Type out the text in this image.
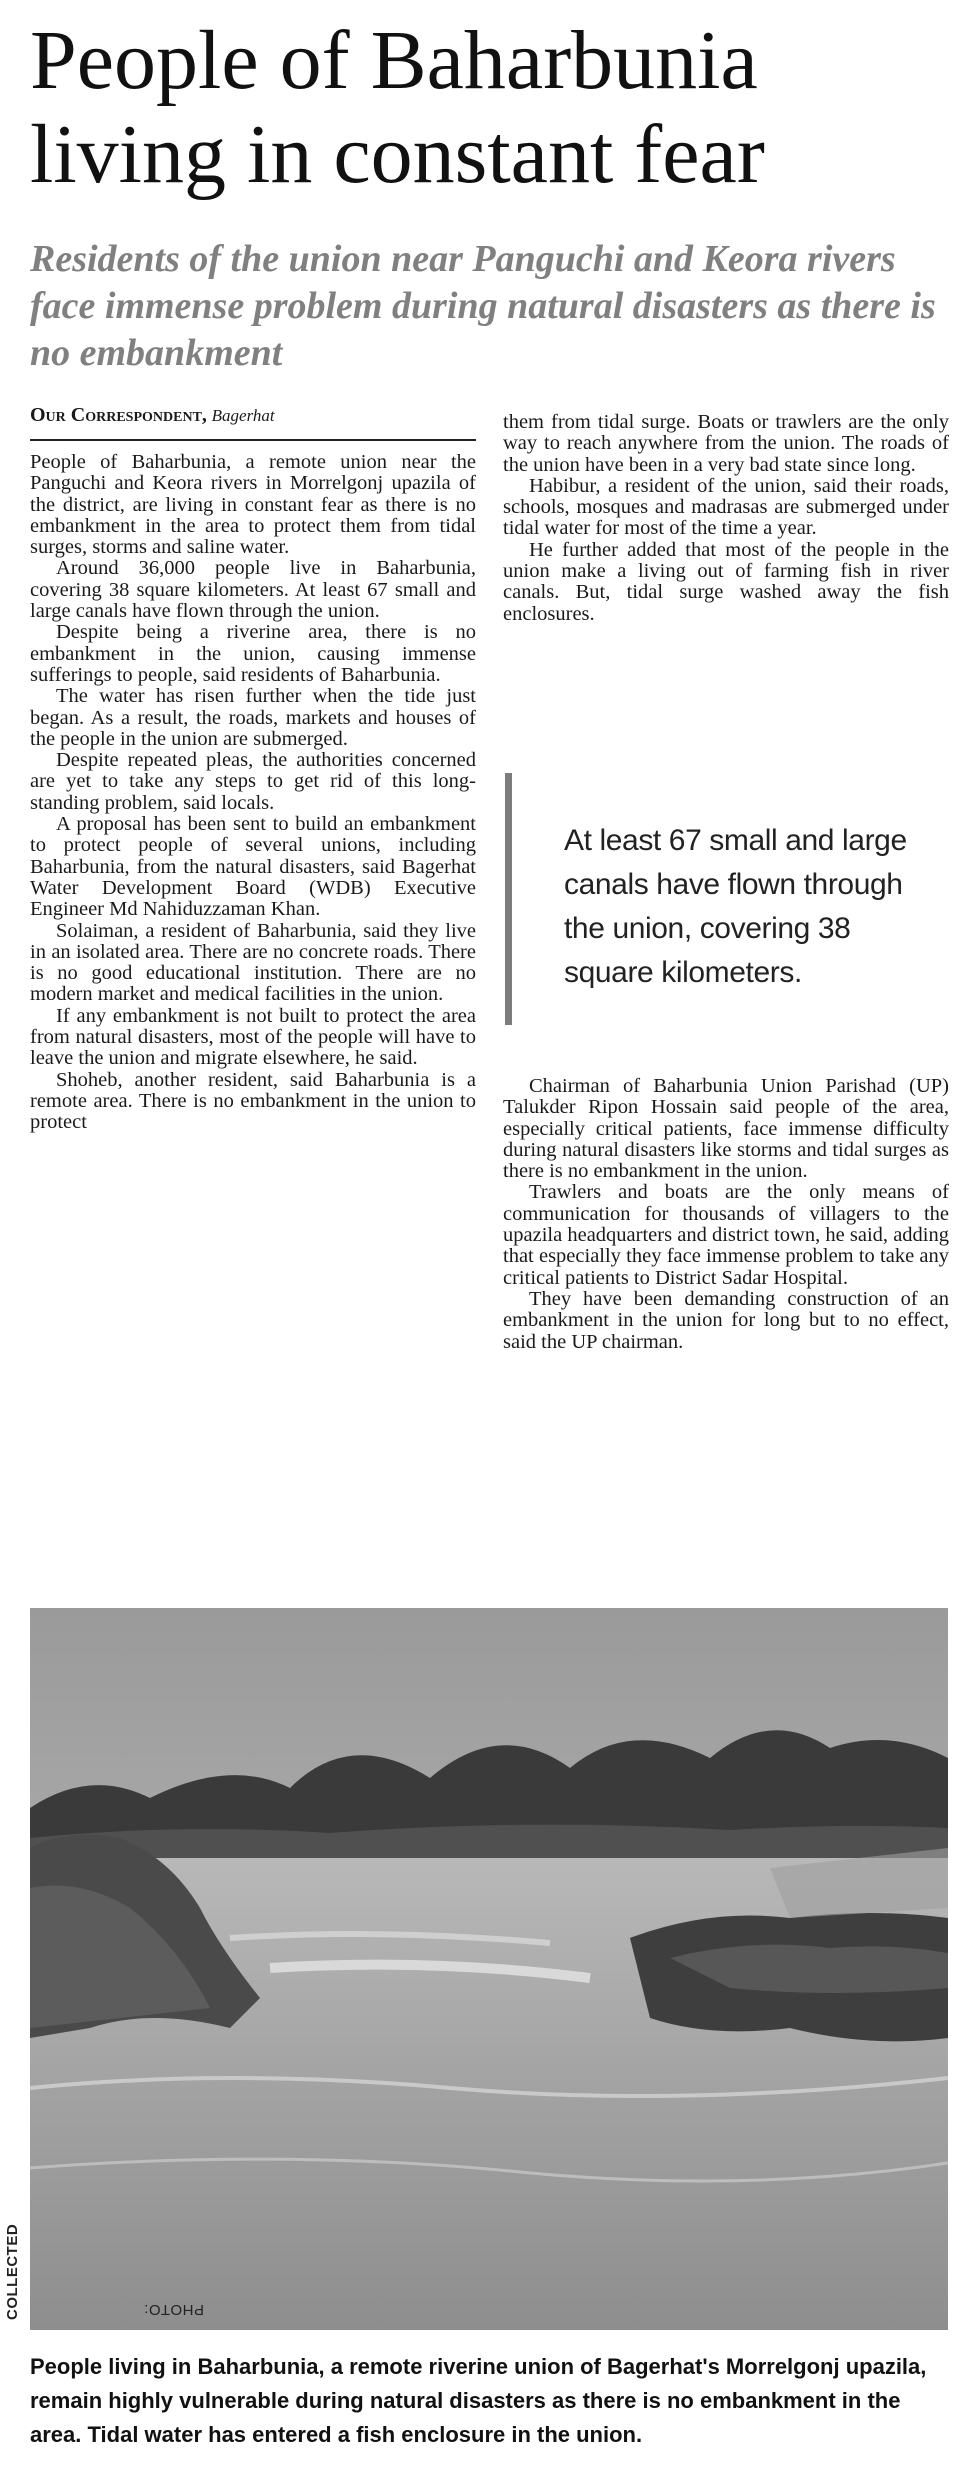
People of Baharbunia living in constant fear
Residents of the union near Panguchi and Keora rivers face immense problem during natural disasters as there is no embankment
Our Correspondent, Bagerhat

People of Baharbunia, a remote union near the Panguchi and Keora rivers in Morrelgonj upazila of the district, are living in constant fear as there is no embankment in the area to protect them from tidal surges, storms and saline water.

Around 36,000 people live in Baharbunia, covering 38 square kilometers. At least 67 small and large canals have flown through the union.

Despite being a riverine area, there is no embankment in the union, causing immense sufferings to people, said residents of Baharbunia.

The water has risen further when the tide just began. As a result, the roads, markets and houses of the people in the union are submerged.

Despite repeated pleas, the authorities concerned are yet to take any steps to get rid of this long-standing problem, said locals.

A proposal has been sent to build an embankment to protect people of several unions, including Baharbunia, from the natural disasters, said Bagerhat Water Development Board (WDB) Executive Engineer Md Nahiduzzaman Khan.

Solaiman, a resident of Baharbunia, said they live in an isolated area. There are no concrete roads. There is no good educational institution. There are no modern market and medical facilities in the union.

If any embankment is not built to protect the area from natural disasters, most of the people will have to leave the union and migrate elsewhere, he said.

Shoheb, another resident, said Baharbunia is a remote area. There is no embankment in the union to protect

them from tidal surge. Boats or trawlers are the only way to reach anywhere from the union. The roads of the union have been in a very bad state since long.

Habibur, a resident of the union, said their roads, schools, mosques and madrasas are submerged under tidal water for most of the time a year.

He further added that most of the people in the union make a living out of farming fish in river canals. But, tidal surge washed away the fish enclosures.

At least 67 small and large canals have flown through the union, covering 38 square kilometers.

Chairman of Baharbunia Union Parishad (UP) Talukder Ripon Hossain said people of the area, especially critical patients, face immense difficulty during natural disasters like storms and tidal surges as there is no embankment in the union.

Trawlers and boats are the only means of communication for thousands of villagers to the upazila headquarters and district town, he said, adding that especially they face immense problem to take any critical patients to District Sadar Hospital.

They have been demanding construction of an embankment in the union for long but to no effect, said the UP chairman.

PHOTO:
COLLECTED
People living in Baharbunia, a remote riverine union of Bagerhat's Morrelgonj upazila, remain highly vulnerable during natural disasters as there is no embankment in the area. Tidal water has entered a fish enclosure in the union.
